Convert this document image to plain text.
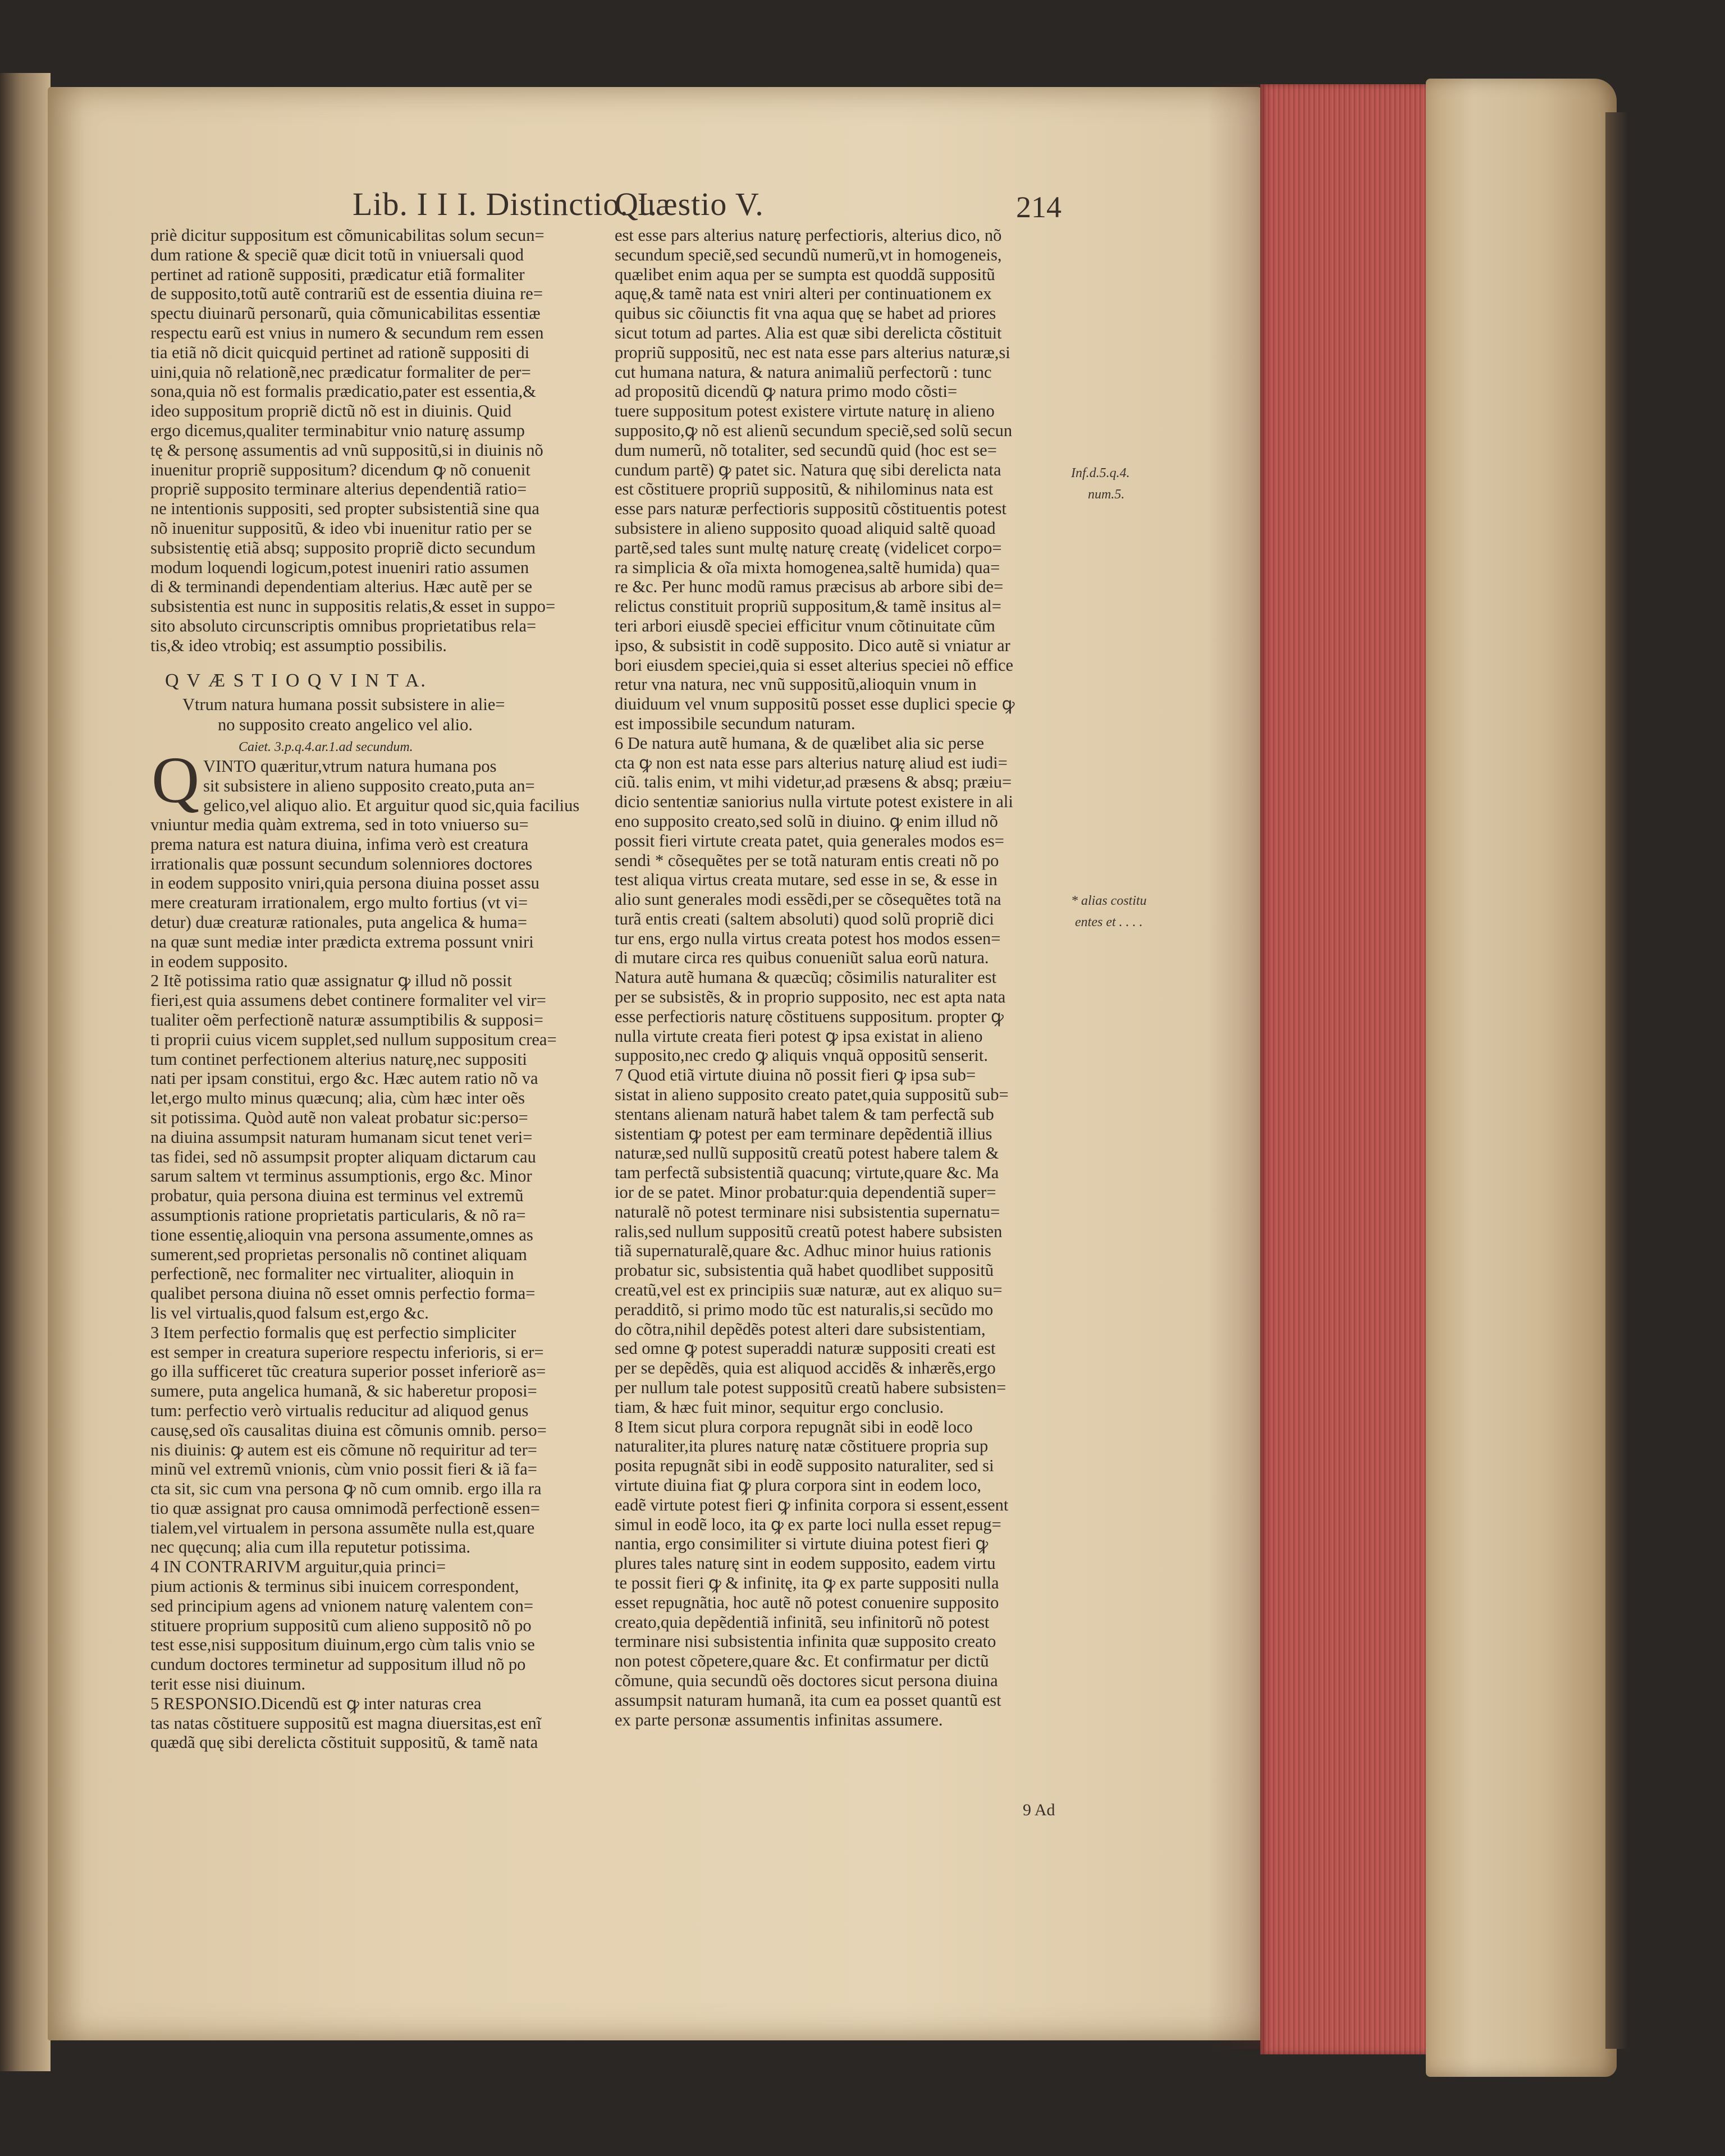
Lib. I I I. Distinctio. I.
Quæstio V.	214
priè dicitur suppositum est cõmunicabilitas solum secun=
dum ratione & speciẽ quæ dicit totũ in vniuersali quod
pertinet ad rationẽ suppositi, prædicatur etiã formaliter
de supposito,totũ autẽ contrariũ est de essentia diuina re=
spectu diuinarũ personarũ, quia cõmunicabilitas essentiæ
respectu earũ est vnius in numero & secundum rem essen
tia etiã nõ dicit quicquid pertinet ad rationẽ suppositi di
uini,quia nõ relationẽ,nec prædicatur formaliter de per=
sona,quia nõ est formalis prædicatio,pater est essentia,&
ideo suppositum propriẽ dictũ nõ est in diuinis. Quid
ergo dicemus,qualiter terminabitur vnio naturę assump
tę & personę assumentis ad vnũ suppositũ,si in diuinis nõ
inuenitur propriẽ suppositum? dicendum ꝙ nõ conuenit
propriẽ supposito terminare alterius dependentiã ratio=
ne intentionis suppositi, sed propter subsistentiã sine qua
nõ inuenitur suppositũ, & ideo vbi inuenitur ratio per se
subsistentię etiã absq; supposito propriẽ dicto secundum
modum loquendi logicum,potest inueniri ratio assumen
di & terminandi dependentiam alterius. Hæc autẽ per se
subsistentia est nunc in suppositis relatis,& esset in suppo=
sito absoluto circunscriptis omnibus proprietatibus rela=
tis,& ideo vtrobiq; est assumptio possibilis.
Q V Æ S T I O Q V I N T A.
Vtrum natura humana possit subsistere in alie=
no supposito creato angelico vel alio.
Caiet. 3.p.q.4.ar.1.ad secundum.
Q VINTO quæritur,vtrum natura humana pos
sit subsistere in alieno supposito creato,puta an=
gelico,vel aliquo alio. Et arguitur quod sic,quia facilius
vniuntur media quàm extrema, sed in toto vniuerso su=
prema natura est natura diuina, infima verò est creatura
irrationalis quæ possunt secundum solenniores doctores
in eodem supposito vniri,quia persona diuina posset assu
mere creaturam irrationalem, ergo multo fortius (vt vi=
detur) duæ creaturæ rationales, puta angelica & huma=
na quæ sunt mediæ inter prædicta extrema possunt vniri
in eodem supposito.
2 Itẽ potissima ratio quæ assignatur ꝙ illud nõ possit
fieri,est quia assumens debet continere formaliter vel vir=
tualiter oẽm perfectionẽ naturæ assumptibilis & supposi=
ti proprii cuius vicem supplet,sed nullum suppositum crea=
tum continet perfectionem alterius naturę,nec suppositi
nati per ipsam constitui, ergo &c. Hæc autem ratio nõ va
let,ergo multo minus quæcunq; alia, cùm hæc inter oẽs
sit potissima. Quòd autẽ non valeat probatur sic:perso=
na diuina assumpsit naturam humanam sicut tenet veri=
tas fidei, sed nõ assumpsit propter aliquam dictarum cau
sarum saltem vt terminus assumptionis, ergo &c. Minor
probatur, quia persona diuina est terminus vel extremũ
assumptionis ratione proprietatis particularis, & nõ ra=
tione essentię,alioquin vna persona assumente,omnes as
sumerent,sed proprietas personalis nõ continet aliquam
perfectionẽ, nec formaliter nec virtualiter, alioquin in
qualibet persona diuina nõ esset omnis perfectio forma=
lis vel virtualis,quod falsum est,ergo &c.
3 Item perfectio formalis quę est perfectio simpliciter
est semper in creatura superiore respectu inferioris, si er=
go illa sufficeret tũc creatura superior posset inferiorẽ as=
sumere, puta angelica humanã, & sic haberetur proposi=
tum: perfectio verò virtualis reducitur ad aliquod genus
causę,sed oĩs causalitas diuina est cõmunis omnib. perso=
nis diuinis: ꝙ autem est eis cõmune nõ requiritur ad ter=
minũ vel extremũ vnionis, cùm vnio possit fieri & iã fa=
cta sit, sic cum vna persona ꝙ nõ cum omnib. ergo illa ra
tio quæ assignat pro causa omnimodã perfectionẽ essen=
tialem,vel virtualem in persona assumẽte nulla est,quare
nec quęcunq; alia cum illa reputetur potissima.
4 IN CONTRARIVM arguitur,quia princi=
pium actionis & terminus sibi inuicem correspondent,
sed principium agens ad vnionem naturę valentem con=
stituere proprium suppositũ cum alieno suppositõ nõ po
test esse,nisi suppositum diuinum,ergo cùm talis vnio se
cundum doctores terminetur ad suppositum illud nõ po
terit esse nisi diuinum.
5 RESPONSIO.Dicendũ est ꝙ inter naturas crea
tas natas cõstituere suppositũ est magna diuersitas,est enĩ
quædã quę sibi derelicta cõstituit suppositũ, & tamẽ nata
est esse pars alterius naturę perfectioris, alterius dico, nõ
secundum speciẽ,sed secundũ numerũ,vt in homogeneis,
quælibet enim aqua per se sumpta est quoddã suppositũ
aquę,& tamẽ nata est vniri alteri per continuationem ex
quibus sic cõiunctis fit vna aqua quę se habet ad priores
sicut totum ad partes. Alia est quæ sibi derelicta cõstituit
propriũ suppositũ, nec est nata esse pars alterius naturæ,si
cut humana natura, & natura animaliũ perfectorũ : tunc
ad propositũ dicendũ ꝙ natura primo modo cõsti=
tuere suppositum potest existere virtute naturę in alieno
supposito,ꝙ nõ est alienũ secundum speciẽ,sed solũ secun
dum numerũ, nõ totaliter, sed secundũ quid (hoc est se=
cundum partẽ) ꝙ patet sic. Natura quę sibi derelicta nata
est cõstituere propriũ suppositũ, & nihilominus nata est
esse pars naturæ perfectioris suppositũ cõstituentis potest
subsistere in alieno supposito quoad aliquid saltẽ quoad
partẽ,sed tales sunt multę naturę creatę (videlicet corpo=
ra simplicia & oĩa mixta homogenea,saltẽ humida) qua=
re &c. Per hunc modũ ramus præcisus ab arbore sibi de=
relictus constituit propriũ suppositum,& tamẽ insitus al=
teri arbori eiusdẽ speciei efficitur vnum cõtinuitate cũm
ipso, & subsistit in codẽ supposito. Dico autẽ si vniatur ar
bori eiusdem speciei,quia si esset alterius speciei nõ effice
retur vna natura, nec vnũ suppositũ,alioquin vnum in
diuiduum vel vnum suppositũ posset esse duplici specie ꝙ
est impossibile secundum naturam.
6 De natura autẽ humana, & de quælibet alia sic perse
cta ꝙ non est nata esse pars alterius naturę aliud est iudi=
ciũ. talis enim, vt mihi videtur,ad præsens & absq; præiu=
dicio sententiæ saniorius nulla virtute potest existere in ali
eno supposito creato,sed solũ in diuino. ꝙ enim illud nõ
possit fieri virtute creata patet, quia generales modos es=
sendi * cõsequẽtes per se totã naturam entis creati nõ po
test aliqua virtus creata mutare, sed esse in se, & esse in
alio sunt generales modi essẽdi,per se cõsequẽtes totã na
turã entis creati (saltem absoluti) quod solũ propriẽ dici
tur ens, ergo nulla virtus creata potest hos modos essen=
di mutare circa res quibus conueniũt salua eorũ natura.
Natura autẽ humana & quæcũq; cõsimilis naturaliter est
per se subsistẽs, & in proprio supposito, nec est apta nata
esse perfectioris naturę cõstituens suppositum. propter ꝙ
nulla virtute creata fieri potest ꝙ ipsa existat in alieno
supposito,nec credo ꝙ aliquis vnquã oppositũ senserit.
7 Quod etiã virtute diuina nõ possit fieri ꝙ ipsa sub=
sistat in alieno supposito creato patet,quia suppositũ sub=
stentans alienam naturã habet talem & tam perfectã sub
sistentiam ꝙ potest per eam terminare depẽdentiã illius
naturæ,sed nullũ suppositũ creatũ potest habere talem &
tam perfectã subsistentiã quacunq; virtute,quare &c. Ma
ior de se patet. Minor probatur:quia dependentiã super=
naturalẽ nõ potest terminare nisi subsistentia supernatu=
ralis,sed nullum suppositũ creatũ potest habere subsisten
tiã supernaturalẽ,quare &c. Adhuc minor huius rationis
probatur sic, subsistentia quã habet quodlibet suppositũ
creatũ,vel est ex principiis suæ naturæ, aut ex aliquo su=
peradditõ, si primo modo tũc est naturalis,si secũdo mo
do cõtra,nihil depẽdẽs potest alteri dare subsistentiam,
sed omne ꝙ potest superaddi naturæ suppositi creati est
per se depẽdẽs, quia est aliquod accidẽs & inhærẽs,ergo
per nullum tale potest suppositũ creatũ habere subsisten=
tiam, & hæc fuit minor, sequitur ergo conclusio.
8 Item sicut plura corpora repugnãt sibi in eodẽ loco
naturaliter,ita plures naturę natæ cõstituere propria sup
posita repugnãt sibi in eodẽ supposito naturaliter, sed si
virtute diuina fiat ꝙ plura corpora sint in eodem loco,
eadẽ virtute potest fieri ꝙ infinita corpora si essent,essent
simul in eodẽ loco, ita ꝙ ex parte loci nulla esset repug=
nantia, ergo consimiliter si virtute diuina potest fieri ꝙ
plures tales naturę sint in eodem supposito, eadem virtu
te possit fieri ꝙ & infinitę, ita ꝙ ex parte suppositi nulla
esset repugnãtia, hoc autẽ nõ potest conuenire supposito
creato,quia depẽdentiã infinitã, seu infinitorũ nõ potest
terminare nisi subsistentia infinita quæ supposito creato
non potest cõpetere,quare &c. Et confirmatur per dictũ
cõmune, quia secundũ oẽs doctores sicut persona diuina
assumpsit naturam humanã, ita cum ea posset quantũ est
ex parte personæ assumentis infinitas assumere.
9 Ad
Inf.d.5.q.4.
num.5.
* alias costitu
entes et . . . .
